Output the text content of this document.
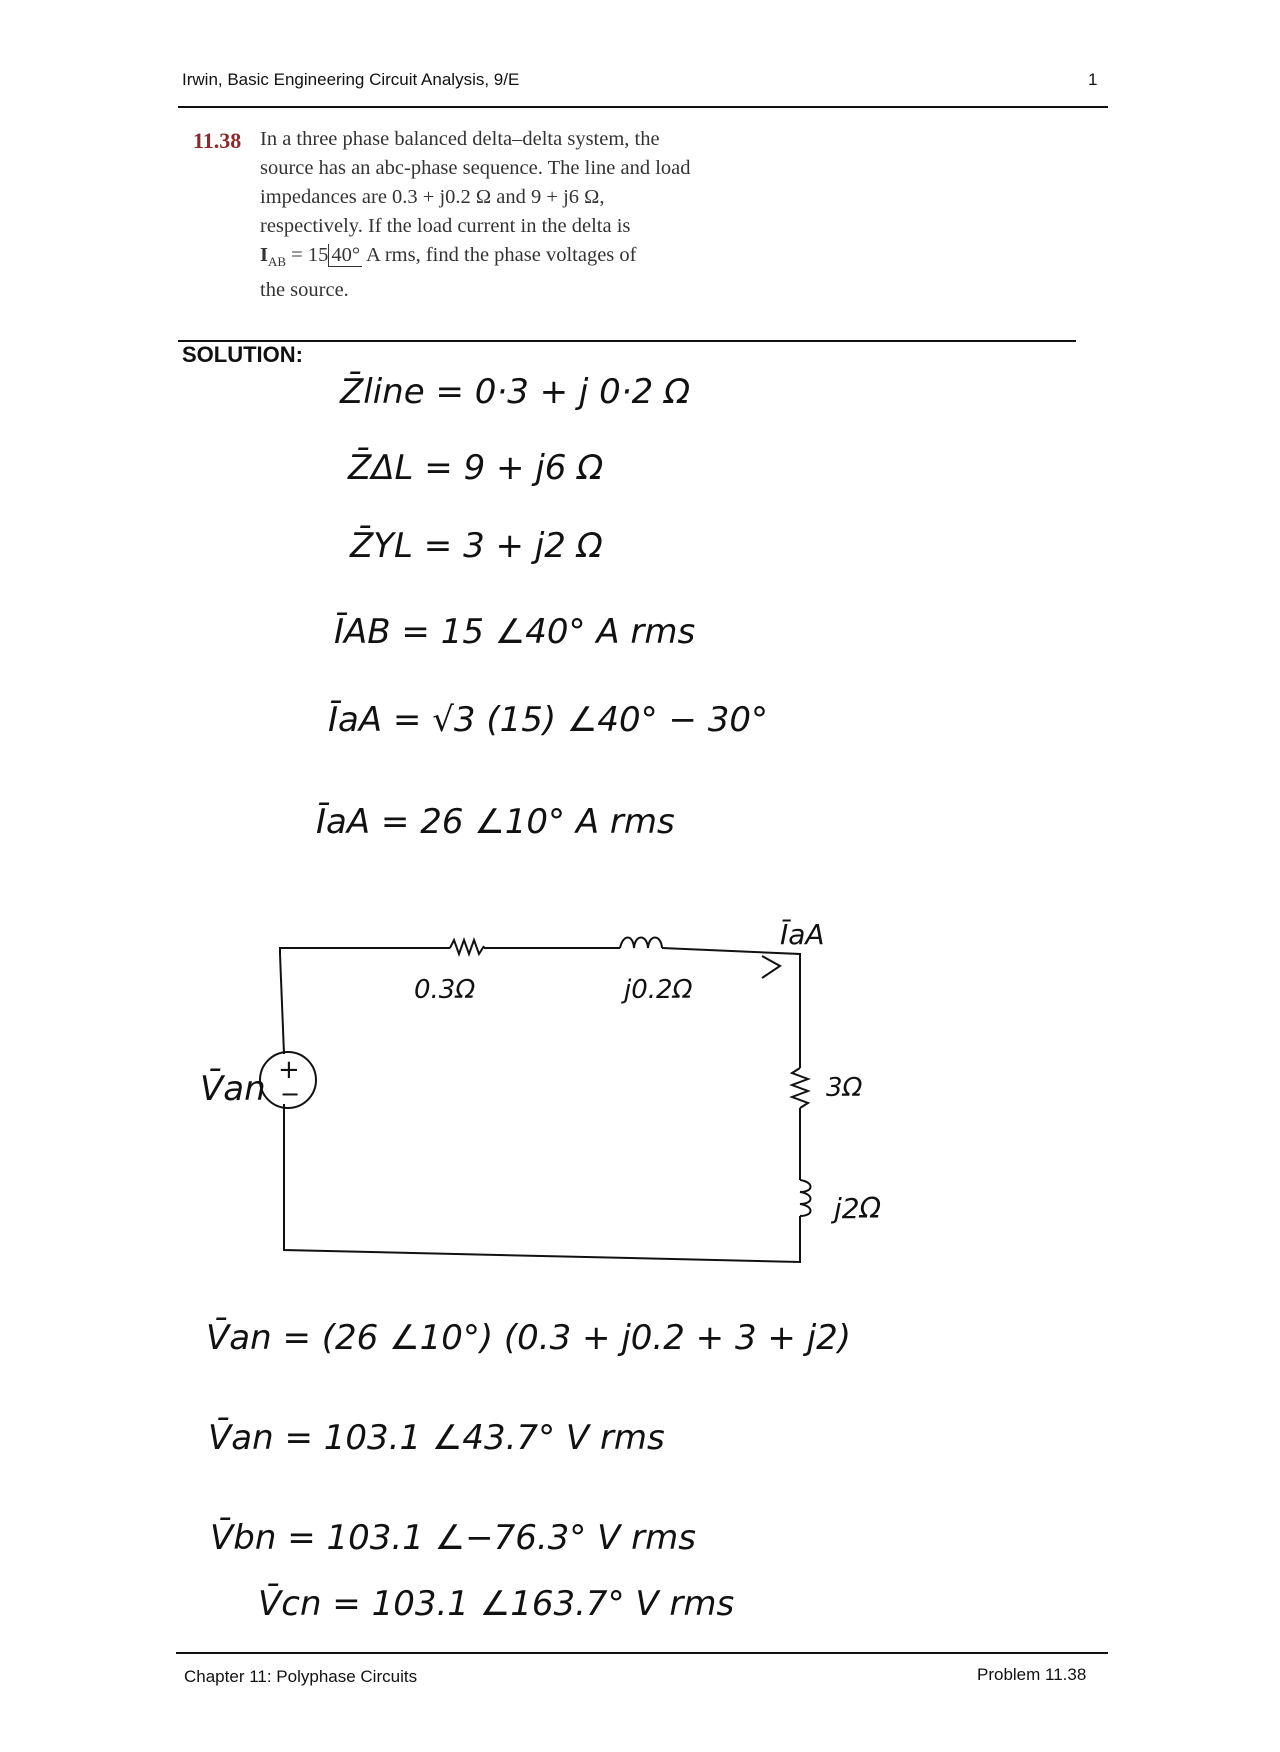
Irwin, Basic Engineering Circuit Analysis, 9/E	1
11.38 In a three phase balanced delta–delta system, the
source has an abc-phase sequence. The line and load
impedances are 0.3 + j0.2 Ω and 9 + j6 Ω,
respectively. If the load current in the delta is
$I_{AB} = 15$ 40° A rms, find the phase voltages of
the source.
SOLUTION:
Z̄line = 0·3 + j 0·2 Ω
Z̄ΔL = 9 + j6 Ω
Z̄YL = 3 + j2 Ω
ĪAB = 15 ∠40° A rms
ĪaA = √3 (15) ∠40° − 30°
ĪaA = 26 ∠10° A rms
+
−
V̄an
0.3Ω	j0.2Ω
ĪaA
3Ω
j2Ω
V̄an = (26 ∠10°) (0.3 + j0.2 + 3 + j2)
V̄an = 103.1 ∠43.7° V rms
V̄bn = 103.1 ∠−76.3° V rms
V̄cn = 103.1 ∠163.7° V rms
Chapter 11: Polyphase Circuits	Problem 11.38
